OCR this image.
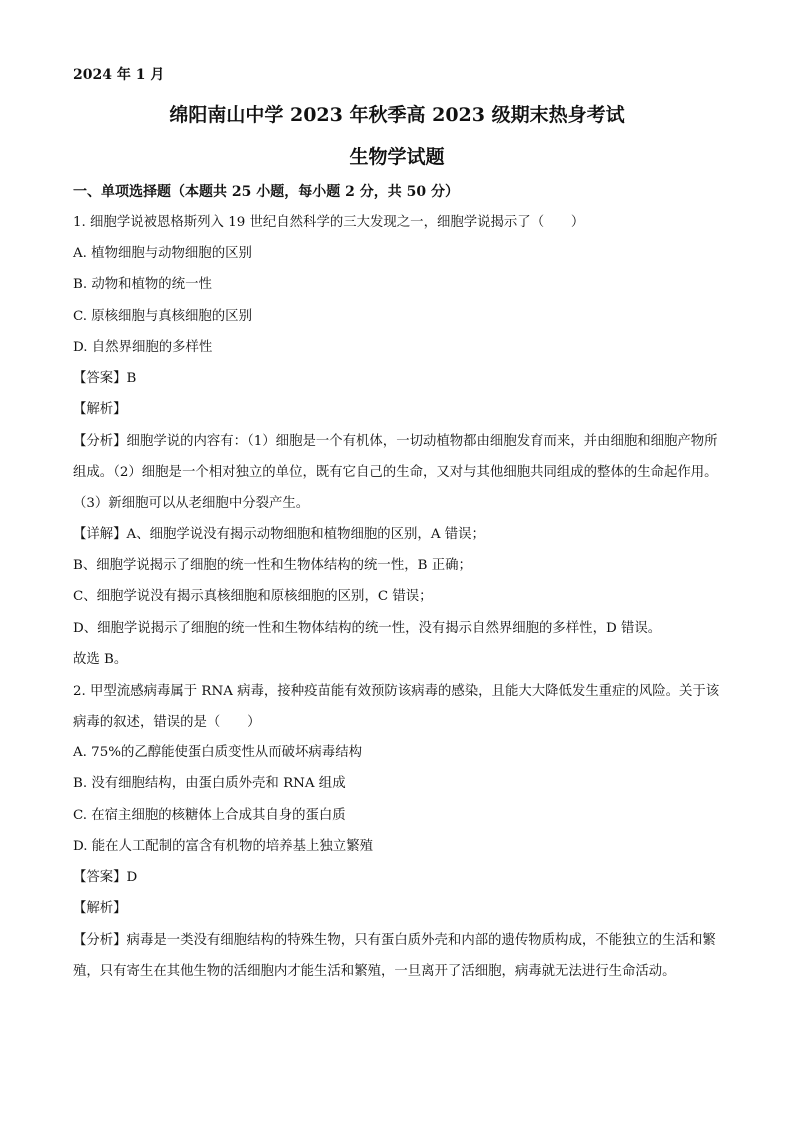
2024 年 1 月
绵阳南山中学 2023 年秋季高 2023 级期末热身考试
生物学试题
一、单项选择题（本题共 25 小题，每小题 2 分，共 50 分）
1. 细胞学说被恩格斯列入 19 世纪自然科学的三大发现之一，细胞学说揭示了（　　）
A. 植物细胞与动物细胞的区别
B. 动物和植物的统一性
C. 原核细胞与真核细胞的区别
D. 自然界细胞的多样性
【答案】B
【解析】
【分析】细胞学说的内容有：（1）细胞是一个有机体，一切动植物都由细胞发育而来，并由细胞和细胞产物所组成。（2）细胞是一个相对独立的单位，既有它自己的生命，又对与其他细胞共同组成的整体的生命起作用。（3）新细胞可以从老细胞中分裂产生。
【详解】A、细胞学说没有揭示动物细胞和植物细胞的区别，A 错误；
B、细胞学说揭示了细胞的统一性和生物体结构的统一性，B 正确；
C、细胞学说没有揭示真核细胞和原核细胞的区别，C 错误；
D、细胞学说揭示了细胞的统一性和生物体结构的统一性，没有揭示自然界细胞的多样性，D 错误。
故选 B。
2. 甲型流感病毒属于 RNA 病毒，接种疫苗能有效预防该病毒的感染，且能大大降低发生重症的风险。关于该病毒的叙述，错误的是（　　）
A. 75%的乙醇能使蛋白质变性从而破坏病毒结构
B. 没有细胞结构，由蛋白质外壳和 RNA 组成
C. 在宿主细胞的核糖体上合成其自身的蛋白质
D. 能在人工配制的富含有机物的培养基上独立繁殖
【答案】D
【解析】
【分析】病毒是一类没有细胞结构的特殊生物，只有蛋白质外壳和内部的遗传物质构成，不能独立的生活和繁殖，只有寄生在其他生物的活细胞内才能生活和繁殖，一旦离开了活细胞，病毒就无法进行生命活动。
